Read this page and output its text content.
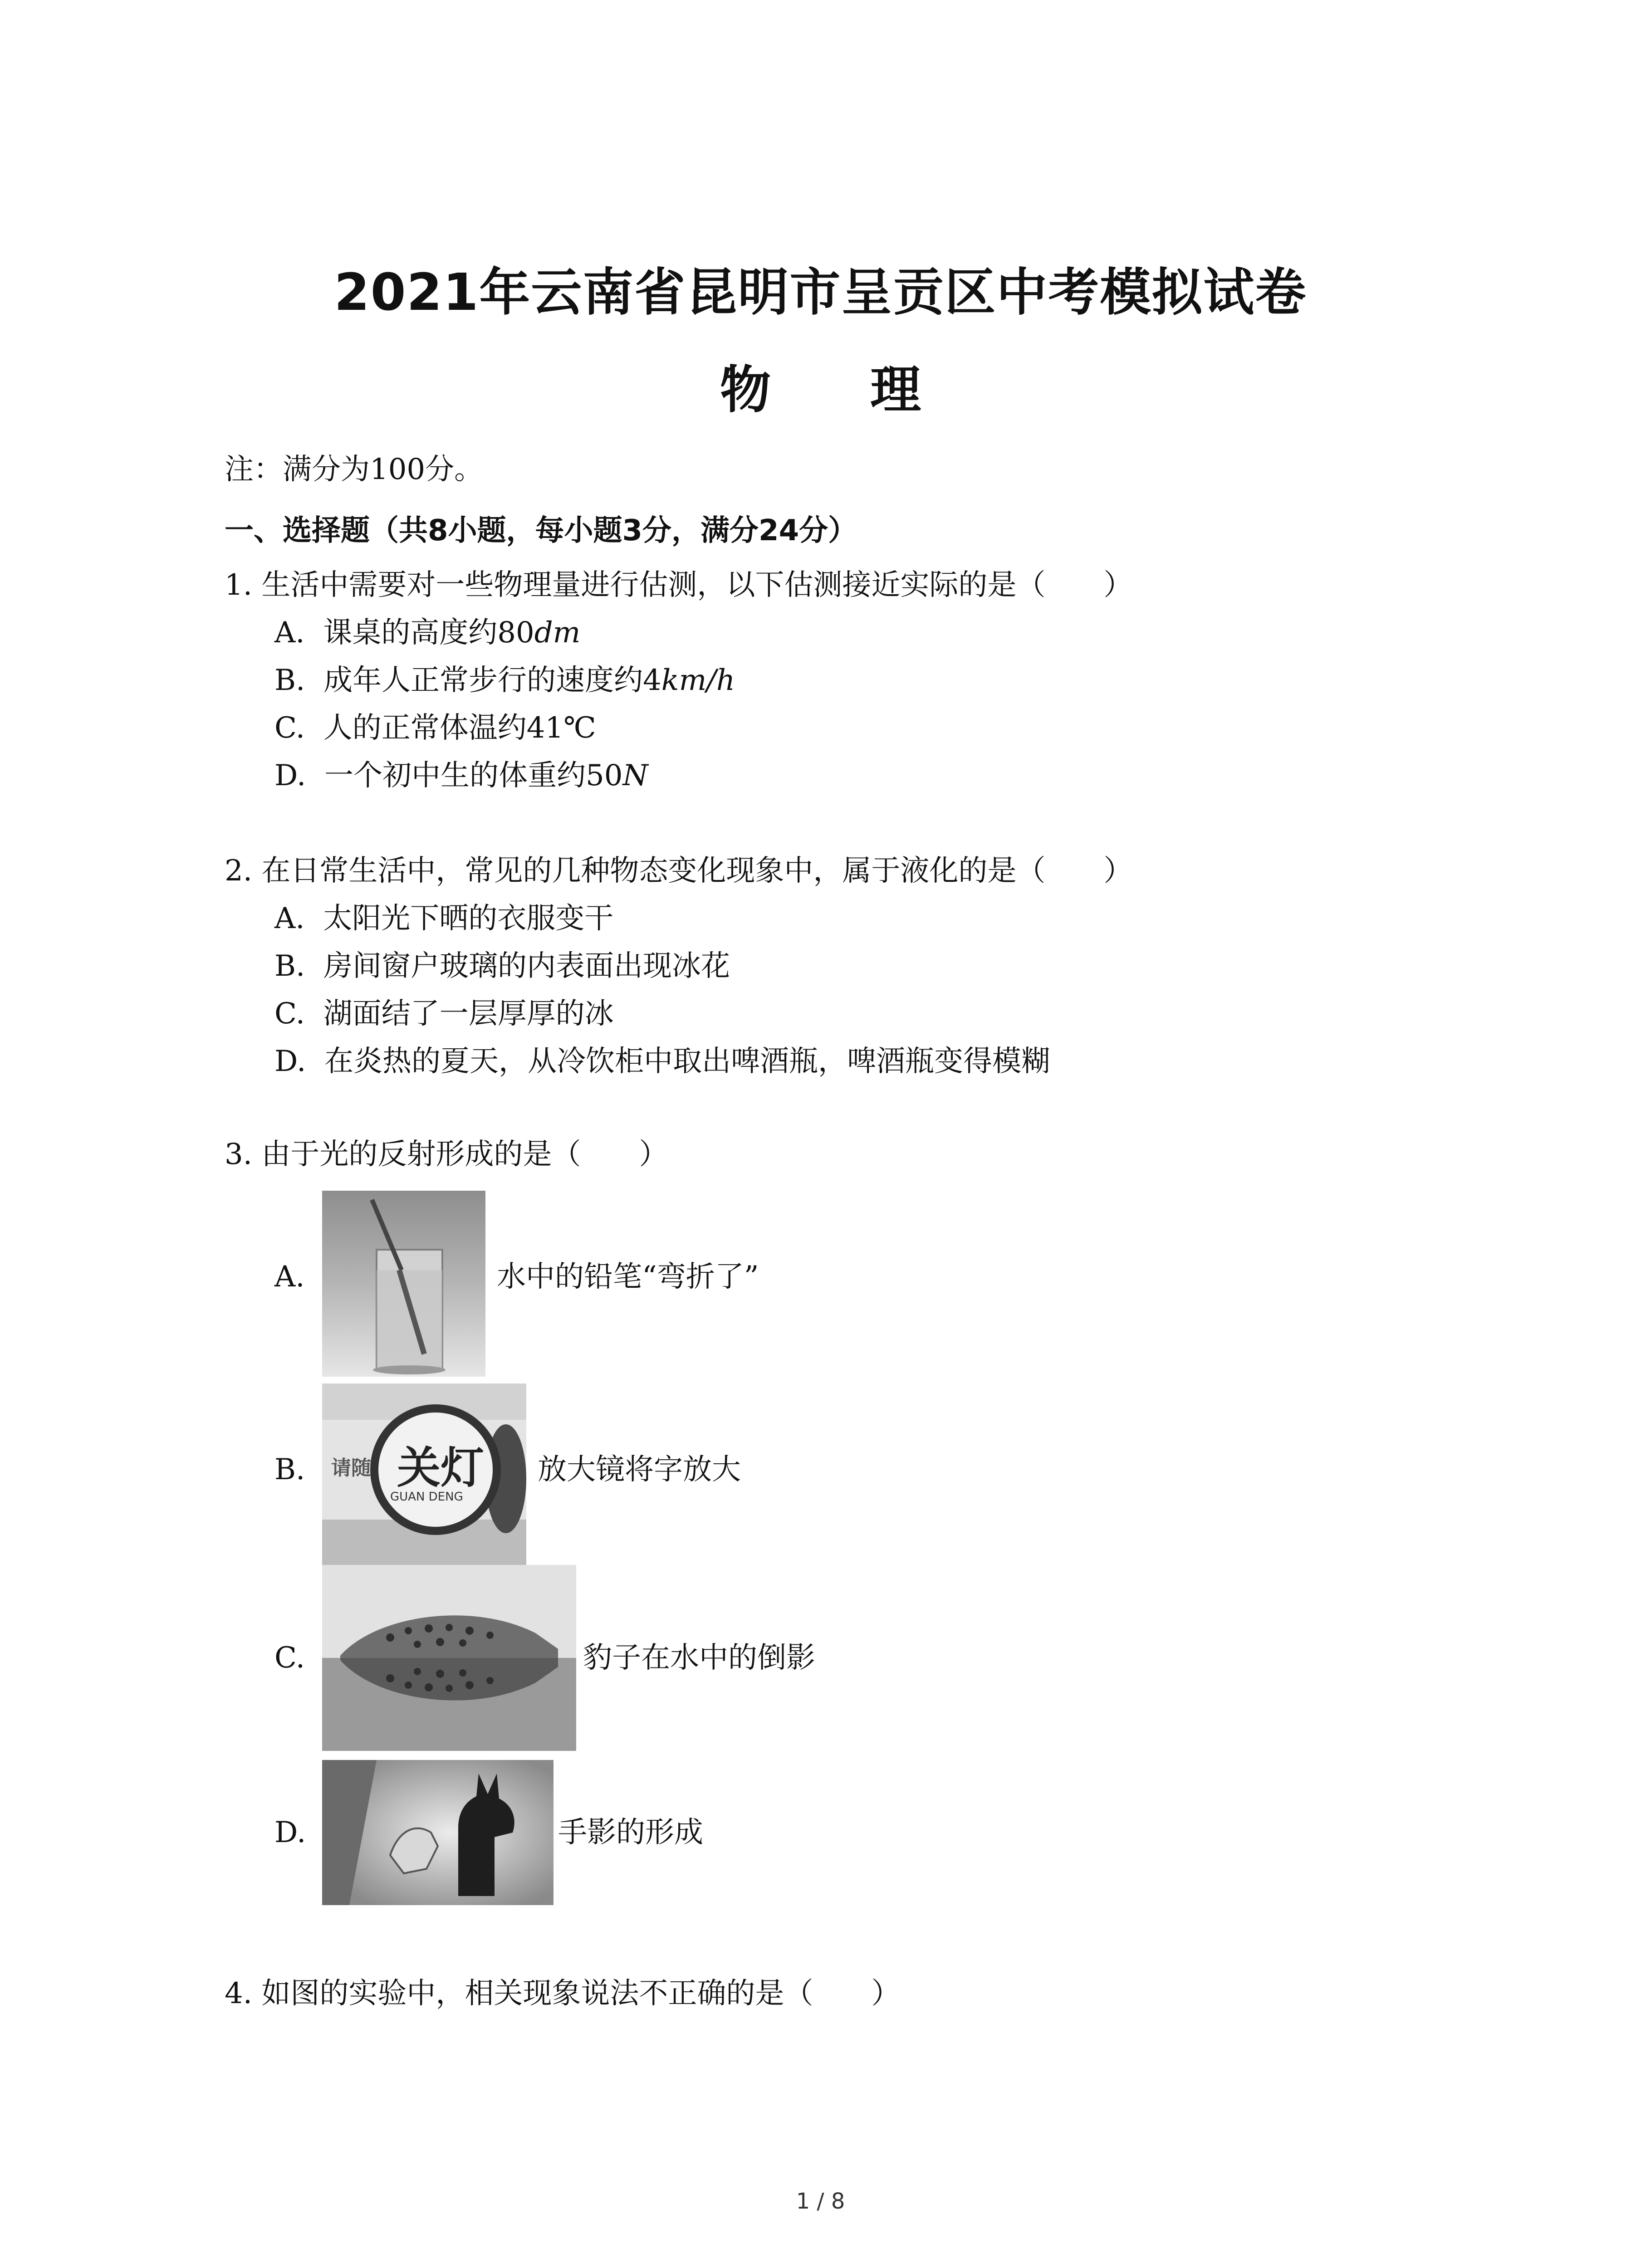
2021年云南省昆明市呈贡区中考模拟试卷
物 理
注：满分为100分。
一、选择题（共8小题，每小题3分，满分24分）
1. 生活中需要对一些物理量进行估测，以下估测接近实际的是（　　）
A. 课桌的高度约80dm
B. 成年人正常步行的速度约4km/h
C. 人的正常体温约41℃
D. 一个初中生的体重约50N
2. 在日常生活中，常见的几种物态变化现象中，属于液化的是（　　）
A. 太阳光下晒的衣服变干
B. 房间窗户玻璃的内表面出现冰花
C. 湖面结了一层厚厚的冰
D. 在炎热的夏天，从冷饮柜中取出啤酒瓶，啤酒瓶变得模糊
3. 由于光的反射形成的是（　　）
A.	水中的铅笔“弯折了”
B. 请随 关灯
GUAN DENG
放大镜将字放大
C.	豹子在水中的倒影
D.	手影的形成
4. 如图的实验中，相关现象说法不正确的是（　　）
1 / 8
